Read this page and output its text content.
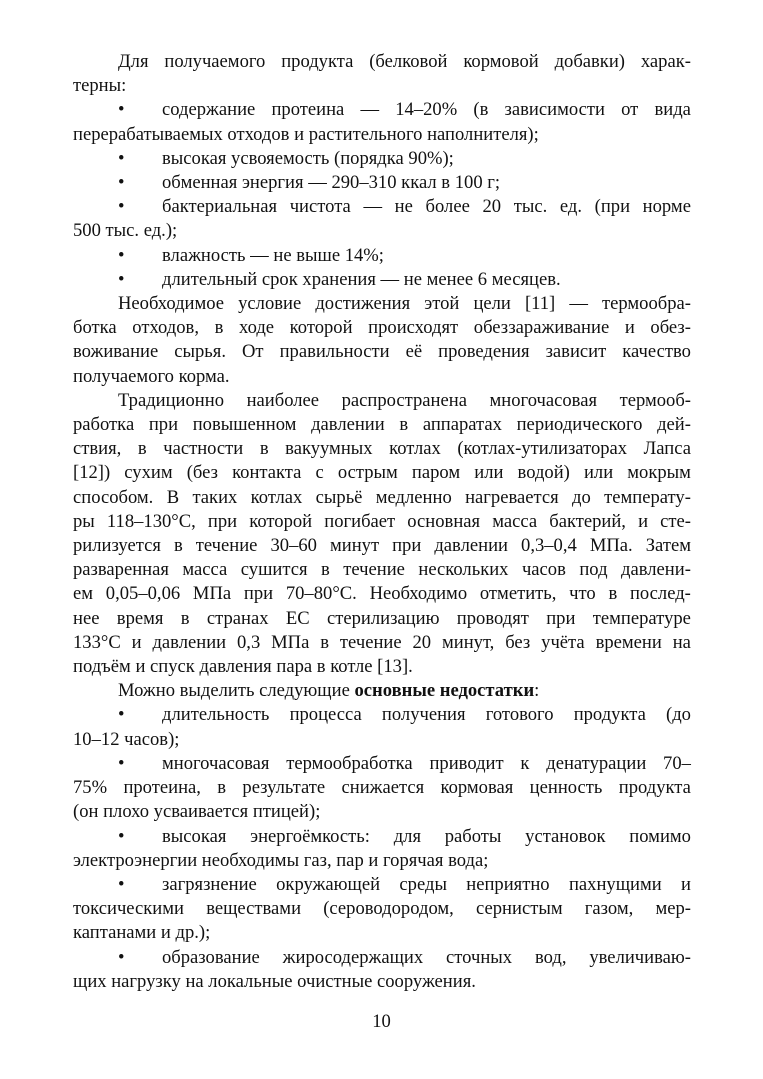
Для получаемого продукта (белковой кормовой добавки) харак-
терны:
•	содержание протеина — 14–20% (в зависимости от вида
перерабатываемых отходов и растительного наполнителя);
• высокая усвояемость (порядка 90%);
• обменная энергия — 290–310 ккал в 100 г;
•	бактериальная чистота — не более 20 тыс. ед. (при норме
500 тыс. ед.);
• влажность — не выше 14%;
• длительный срок хранения — не менее 6 месяцев.
Необходимое условие достижения этой цели [11] — термообра-
ботка отходов, в ходе которой происходят обеззараживание и обез-
воживание сырья. От правильности её проведения зависит качество
получаемого корма.
Традиционно наиболее распространена многочасовая термооб-
работка при повышенном давлении в аппаратах периодического дей-
ствия, в частности в вакуумных котлах (котлах-утилизаторах Лапса
[12]) сухим (без контакта с острым паром или водой) или мокрым
способом. В таких котлах сырьё медленно нагревается до температу-
ры 118–130°С, при которой погибает основная масса бактерий, и сте-
рилизуется в течение 30–60 минут при давлении 0,3–0,4 МПа. Затем
разваренная масса сушится в течение нескольких часов под давлени-
ем 0,05–0,06 МПа при 70–80°С. Необходимо отметить, что в послед-
нее время в странах ЕС стерилизацию проводят при температуре
133°С и давлении 0,3 МПа в течение 20 минут, без учёта времени на
подъём и спуск давления пара в котле [13].
Можно выделить следующие основные недостатки :
•	длительность процесса получения готового продукта (до
10–12 часов);
•	многочасовая термообработка приводит к денатурации 70–
75% протеина, в результате снижается кормовая ценность продукта
(он плохо усваивается птицей);
•	высокая энергоёмкость: для работы установок помимо
электроэнергии необходимы газ, пар и горячая вода;
•	загрязнение окружающей среды неприятно пахнущими и
токсическими веществами (сероводородом, сернистым газом, мер-
каптанами и др.);
•	образование жиросодержащих сточных вод, увеличиваю-
щих нагрузку на локальные очистные сооружения.
10
